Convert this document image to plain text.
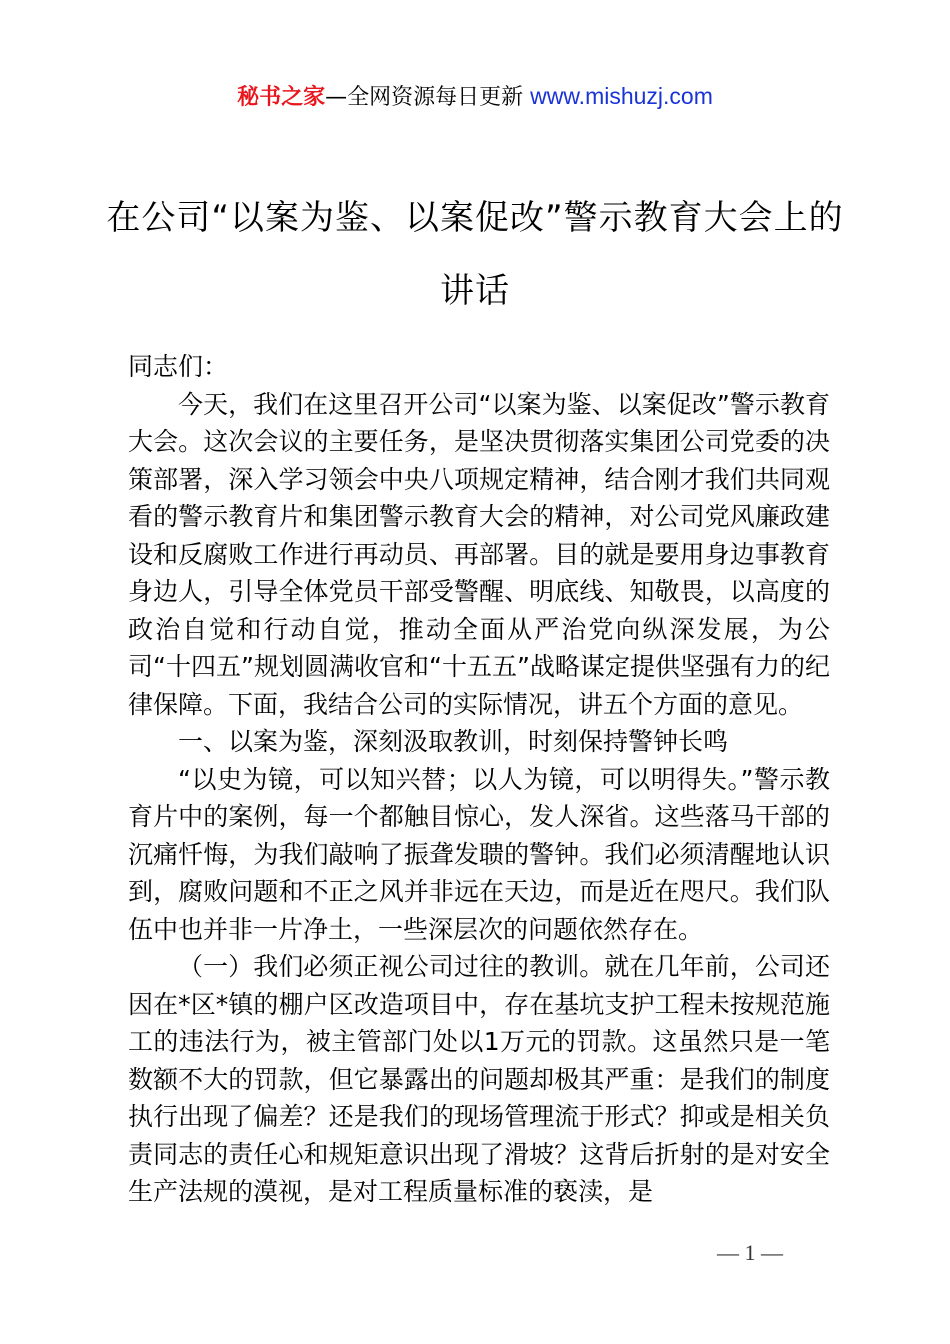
秘书之家—全网资源每日更新 www.mishuzj.com
在公司“以案为鉴、以案促改”警示教育大会上的讲话

同志们：

今天，我们在这里召开公司“以案为鉴、以案促改”警示教育大会。这次会议的主要任务，是坚决贯彻落实集团公司党委的决策部署，深入学习领会中央八项规定精神，结合刚才我们共同观看的警示教育片和集团警示教育大会的精神，对公司党风廉政建设和反腐败工作进行再动员、再部署。目的就是要用身边事教育身边人，引导全体党员干部受警醒、明底线、知敬畏，以高度的政治自觉和行动自觉，推动全面从严治党向纵深发展，为公司“十四五”规划圆满收官和“十五五”战略谋定提供坚强有力的纪律保障。下面，我结合公司的实际情况，讲五个方面的意见。

一、以案为鉴，深刻汲取教训，时刻保持警钟长鸣

“以史为镜，可以知兴替；以人为镜，可以明得失。”警示教育片中的案例，每一个都触目惊心，发人深省。这些落马干部的沉痛忏悔，为我们敲响了振聋发聩的警钟。我们必须清醒地认识到，腐败问题和不正之风并非远在天边，而是近在咫尺。我们队伍中也并非一片净土，一些深层次的问题依然存在。

（一）我们必须正视公司过往的教训。就在几年前，公司还因在*区*镇的棚户区改造项目中，存在基坑支护工程未按规范施工的违法行为，被主管部门处以1万元的罚款。这虽然只是一笔数额不大的罚款，但它暴露出的问题却极其严重：是我们的制度执行出现了偏差？还是我们的现场管理流于形式？抑或是相关负责同志的责任心和规矩意识出现了滑坡？这背后折射的是对安全生产法规的漠视，是对工程质量标准的亵渎，是

— 1 —
